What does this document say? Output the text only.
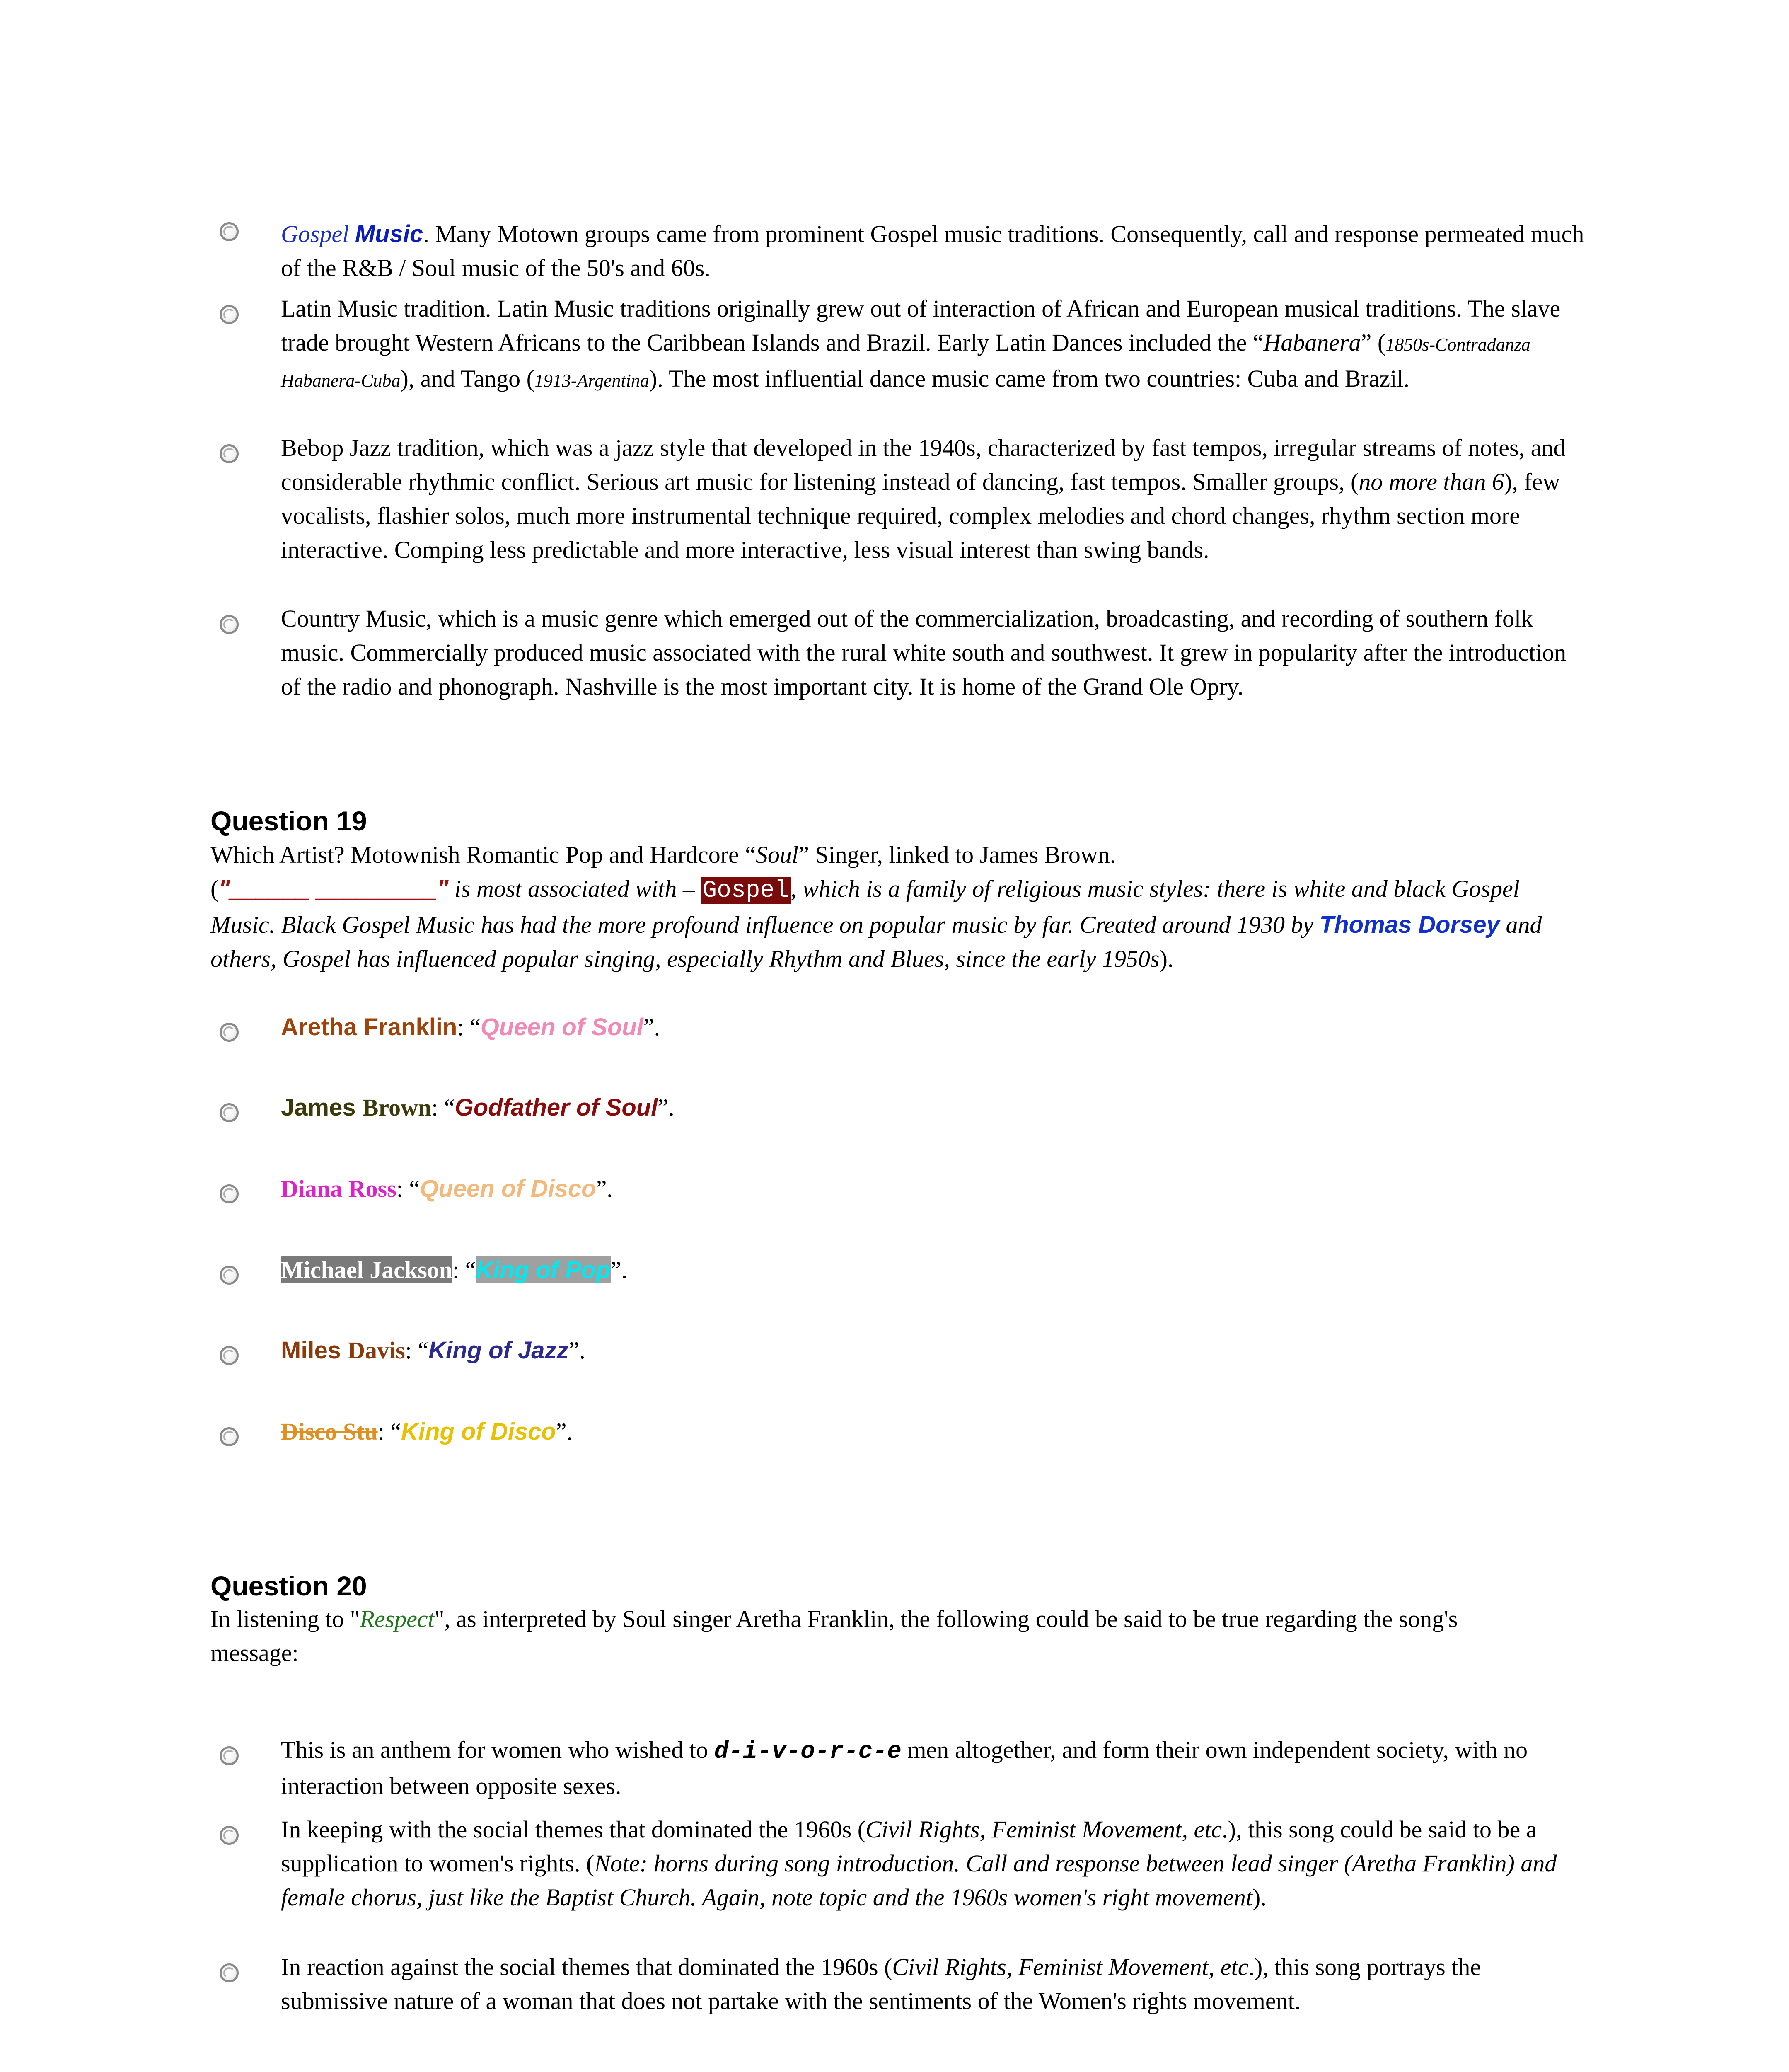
Gospel Music. Many Motown groups came from prominent Gospel music traditions. Consequently, call and response permeated much of the R&B / Soul music of the 50's and 60s.
Latin Music tradition. Latin Music traditions originally grew out of interaction of African and European musical traditions. The slave trade brought Western Africans to the Caribbean Islands and Brazil. Early Latin Dances included the “Habanera” (1850s-Contradanza Habanera-Cuba), and Tango (1913-Argentina). The most influential dance music came from two countries: Cuba and Brazil.
Bebop Jazz tradition, which was a jazz style that developed in the 1940s, characterized by fast tempos, irregular streams of notes, and considerable rhythmic conflict. Serious art music for listening instead of dancing, fast tempos. Smaller groups, (no more than 6), few vocalists, flashier solos, much more instrumental technique required, complex melodies and chord changes, rhythm section more interactive. Comping less predictable and more interactive, less visual interest than swing bands.
Country Music, which is a music genre which emerged out of the commercialization, broadcasting, and recording of southern folk music. Commercially produced music associated with the rural white south and southwest. It grew in popularity after the introduction of the radio and phonograph. Nashville is the most important city. It is home of the Grand Ole Opry.
Question 19
Which Artist? Motownish Romantic Pop and Hardcore “Soul” Singer, linked to James Brown.
("______ _________" is most associated with – Gospel, which is a family of religious music styles: there is white and black Gospel Music. Black Gospel Music has had the more profound influence on popular music by far. Created around 1930 by Thomas Dorsey and others, Gospel has influenced popular singing, especially Rhythm and Blues, since the early 1950s).
Aretha Franklin: “Queen of Soul”.
James Brown: “Godfather of Soul”.
Diana Ross: “Queen of Disco”.
Michael Jackson: “King of Pop”.
Miles Davis: “King of Jazz”.
Disco Stu: “King of Disco”.
Question 20
In listening to "Respect", as interpreted by Soul singer Aretha Franklin, the following could be said to be true regarding the song's message:
This is an anthem for women who wished to d-i-v-o-r-c-e men altogether, and form their own independent society, with no interaction between opposite sexes.
In keeping with the social themes that dominated the 1960s (Civil Rights, Feminist Movement, etc.), this song could be said to be a supplication to women's rights. (Note: horns during song introduction. Call and response between lead singer (Aretha Franklin) and female chorus, just like the Baptist Church. Again, note topic and the 1960s women's right movement).
In reaction against the social themes that dominated the 1960s (Civil Rights, Feminist Movement, etc.), this song portrays the submissive nature of a woman that does not partake with the sentiments of the Women's rights movement.
